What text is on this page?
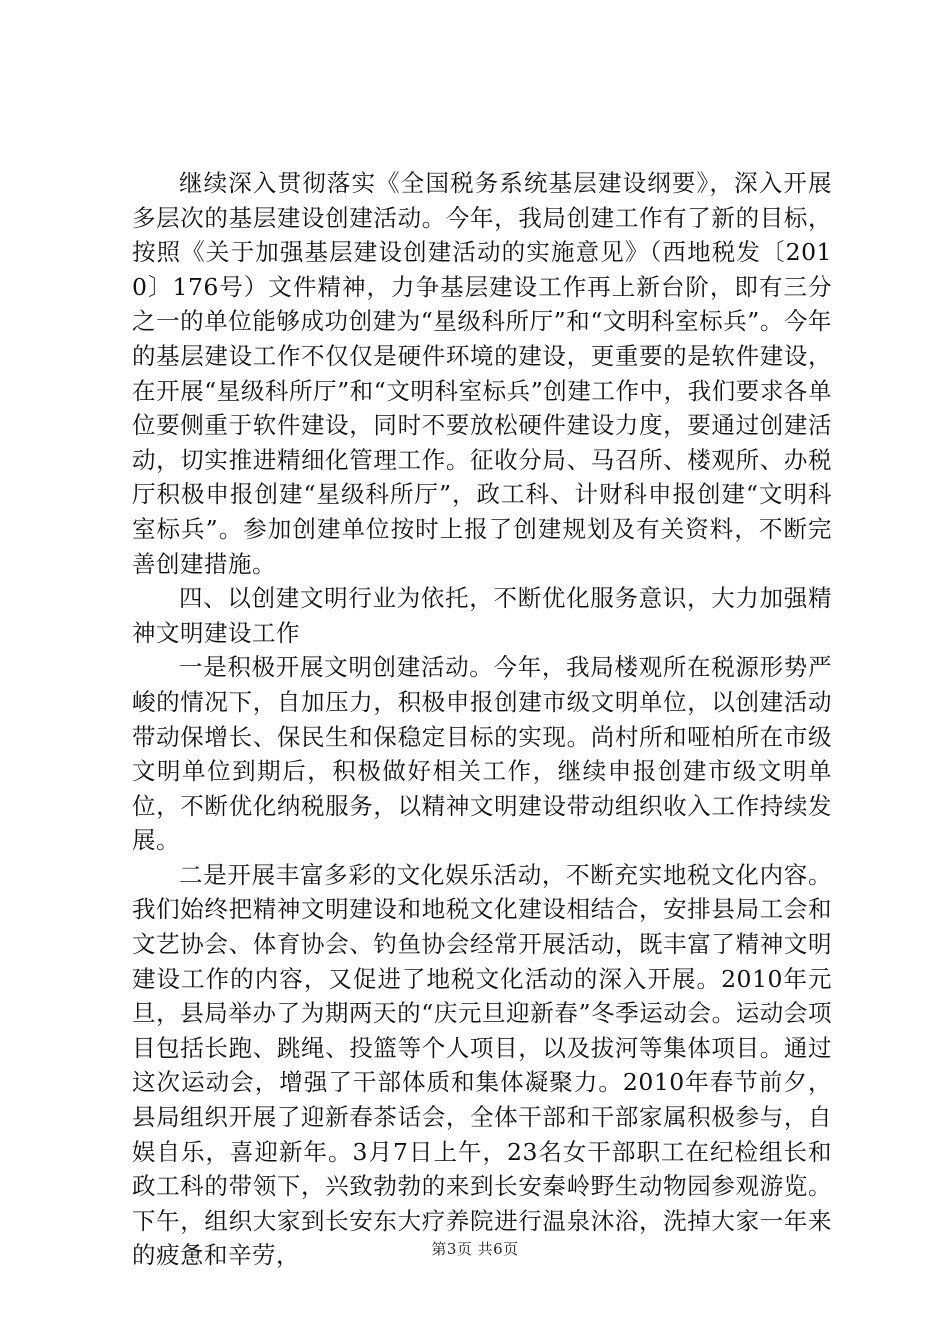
继续深入贯彻落实《全国税务系统基层建设纲要》，深入开展多层次的基层建设创建活动。今年，我局创建工作有了新的目标，按照《关于加强基层建设创建活动的实施意见》（西地税发〔2010〕176号）文件精神，力争基层建设工作再上新台阶，即有三分之一的单位能够成功创建为“星级科所厅”和“文明科室标兵”。今年的基层建设工作不仅仅是硬件环境的建设，更重要的是软件建设，在开展“星级科所厅”和“文明科室标兵”创建工作中，我们要求各单位要侧重于软件建设，同时不要放松硬件建设力度，要通过创建活动，切实推进精细化管理工作。征收分局、马召所、楼观所、办税厅积极申报创建“星级科所厅”，政工科、计财科申报创建“文明科室标兵”。参加创建单位按时上报了创建规划及有关资料，不断完善创建措施。

四、以创建文明行业为依托，不断优化服务意识，大力加强精神文明建设工作

一是积极开展文明创建活动。今年，我局楼观所在税源形势严峻的情况下，自加压力，积极申报创建市级文明单位，以创建活动带动保增长、保民生和保稳定目标的实现。尚村所和哑柏所在市级文明单位到期后，积极做好相关工作，继续申报创建市级文明单位，不断优化纳税服务，以精神文明建设带动组织收入工作持续发展。

二是开展丰富多彩的文化娱乐活动，不断充实地税文化内容。我们始终把精神文明建设和地税文化建设相结合，安排县局工会和文艺协会、体育协会、钓鱼协会经常开展活动，既丰富了精神文明建设工作的内容，又促进了地税文化活动的深入开展。2010年元旦，县局举办了为期两天的“庆元旦迎新春”冬季运动会。运动会项目包括长跑、跳绳、投篮等个人项目，以及拔河等集体项目。通过这次运动会，增强了干部体质和集体凝聚力。2010年春节前夕，县局组织开展了迎新春茶话会，全体干部和干部家属积极参与，自娱自乐，喜迎新年。3月7日上午，23名女干部职工在纪检组长和政工科的带领下，兴致勃勃的来到长安秦岭野生动物园参观游览。下午，组织大家到长安东大疗养院进行温泉沐浴，洗掉大家一年来的疲惫和辛劳，	第3页 共6页
